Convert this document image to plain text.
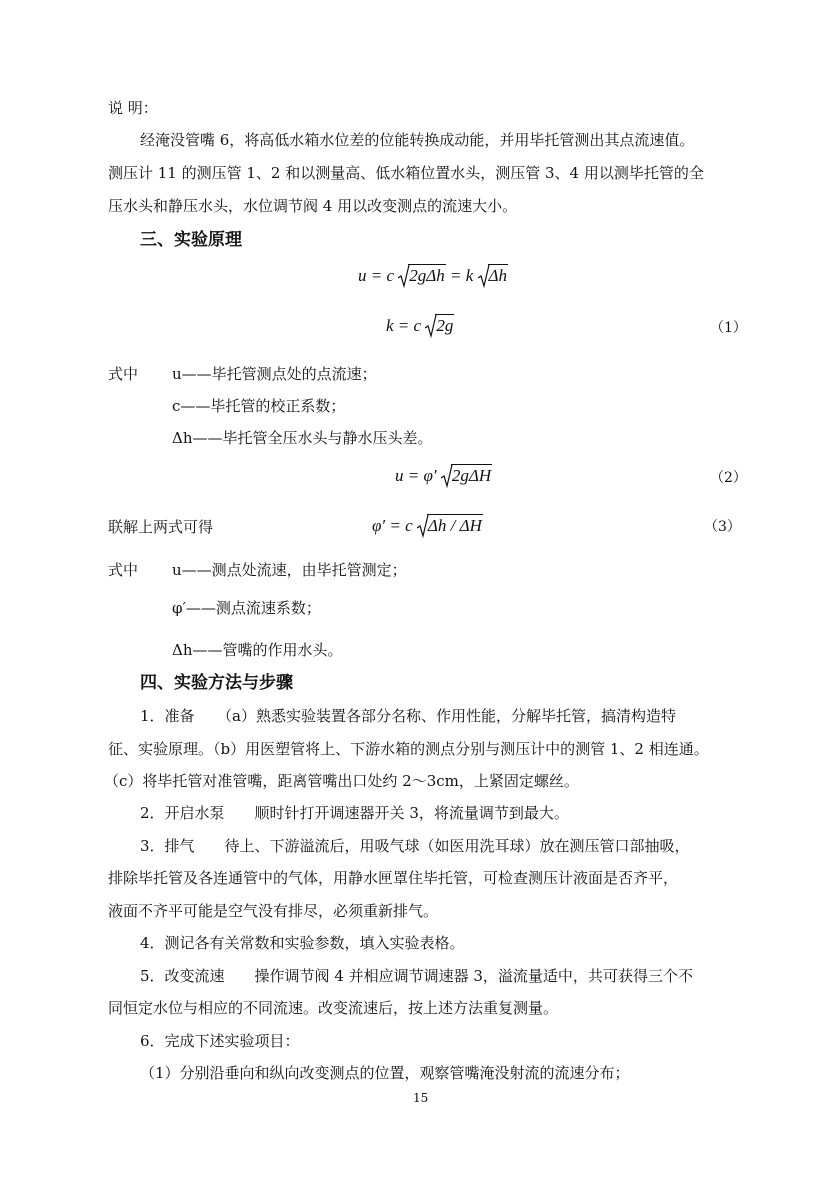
说 明：
经淹没管嘴 6，将高低水箱水位差的位能转换成动能，并用毕托管测出其点流速值。
测压计 11 的测压管 1、2 和以测量高、低水箱位置水头，测压管 3、4 用以测毕托管的全
压水头和静压水头，水位调节阀 4 用以改变测点的流速大小。
三、实验原理
u = c 2gΔh = k Δh
k = c 2g	（1）
式中 u——毕托管测点处的点流速；
c——毕托管的校正系数；
Δh——毕托管全压水头与静水压头差。
u = φ′ 2gΔH	（2）
联解上两式可得	φ′ = c Δh / ΔH	（3）
式中 u——测点处流速，由毕托管测定；
φ′——测点流速系数；
Δh——管嘴的作用水头。
四、实验方法与步骤
1．准备　　（a）熟悉实验装置各部分名称、作用性能，分解毕托管，搞清构造特
征、实验原理。（b）用医塑管将上、下游水箱的测点分别与测压计中的测管 1、2 相连通。
（c）将毕托管对准管嘴，距离管嘴出口处约 2～3cm，上紧固定螺丝。
2．开启水泵　　顺时针打开调速器开关 3，将流量调节到最大。
3．排气　　待上、下游溢流后，用吸气球（如医用洗耳球）放在测压管口部抽吸，
排除毕托管及各连通管中的气体，用静水匣罩住毕托管，可检查测压计液面是否齐平，
液面不齐平可能是空气没有排尽，必须重新排气。
4．测记各有关常数和实验参数，填入实验表格。
5．改变流速　　操作调节阀 4 并相应调节调速器 3，溢流量适中，共可获得三个不
同恒定水位与相应的不同流速。改变流速后，按上述方法重复测量。
6．完成下述实验项目：
（1）分别沿垂向和纵向改变测点的位置，观察管嘴淹没射流的流速分布；
15
